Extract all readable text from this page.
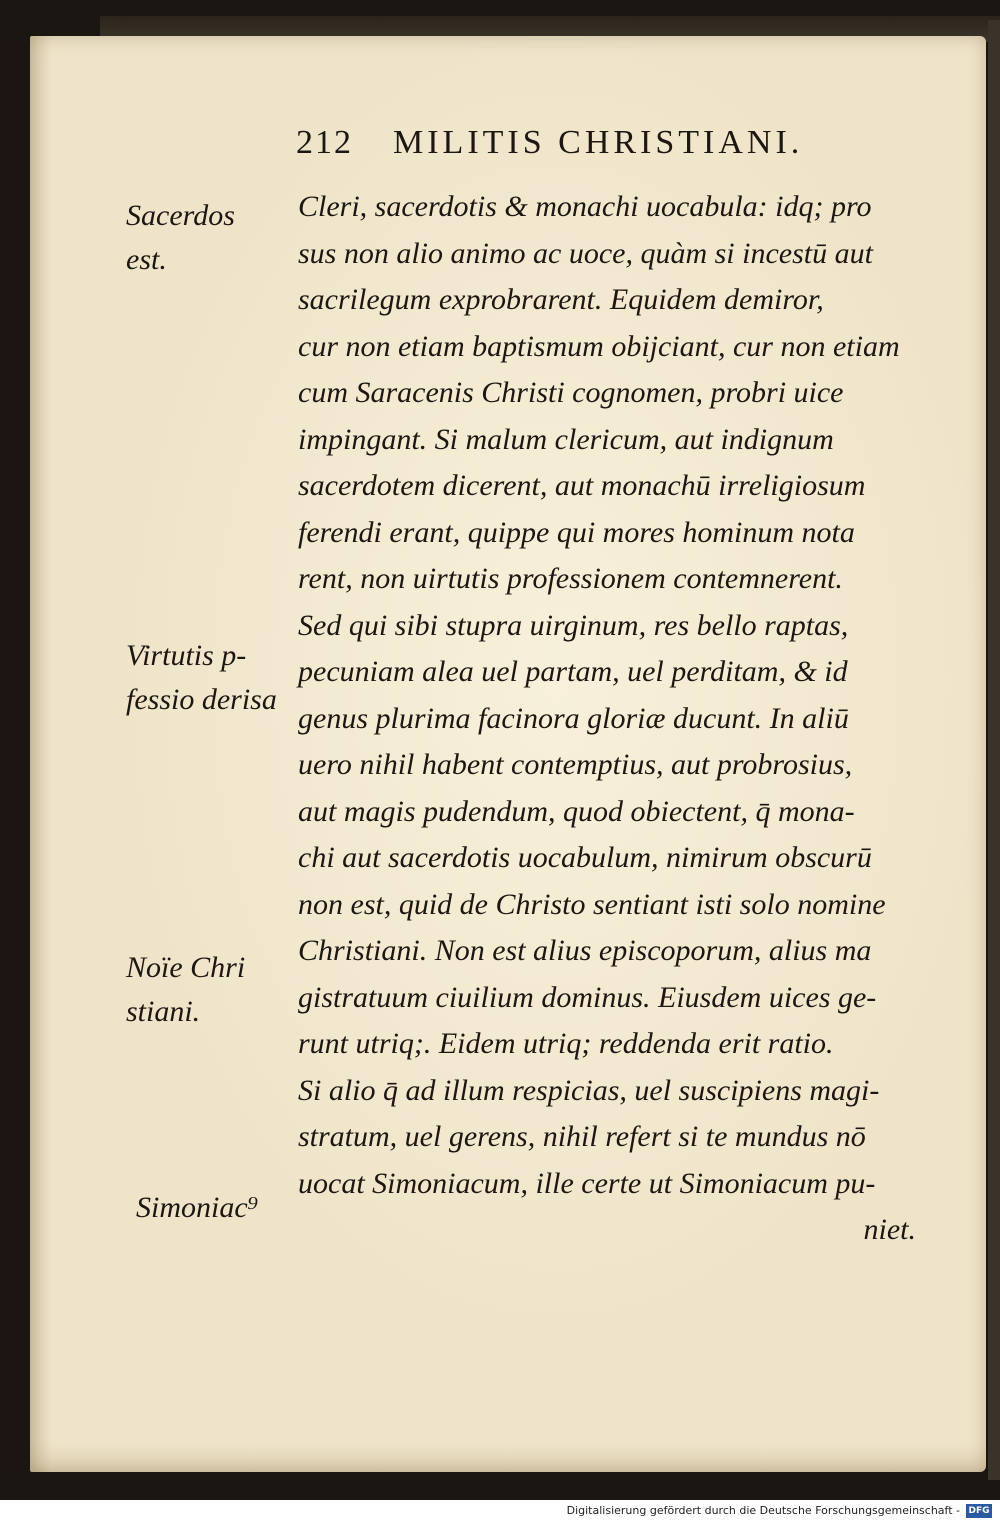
212 MILITIS CHRISTIANI.
Cleri, sacerdotis & monachi uocabula: idq; pro
sus non alio animo ac uoce, quàm si incestū aut
sacrilegum exprobrarent. Equidem demiror,
cur non etiam baptismum obijciant, cur non etiam
cum Saracenis Christi cognomen, probri uice
impingant. Si malum clericum, aut indignum
sacerdotem dicerent, aut monachū irreligiosum
ferendi erant, quippe qui mores hominum nota
rent, non uirtutis professionem contemnerent.
Sed qui sibi stupra uirginum, res bello raptas,
pecuniam alea uel partam, uel perditam, & id
genus plurima facinora gloriæ ducunt. In aliū
uero nihil habent contemptius, aut probrosius,
aut magis pudendum, quod obiectent, q̄ mona-
chi aut sacerdotis uocabulum, nimirum obscurū
non est, quid de Christo sentiant isti solo nomine
Christiani. Non est alius episcoporum, alius ma
gistratuum ciuilium dominus. Eiusdem uices ge-
runt utriq;. Eidem utriq; reddenda erit ratio.
Si alio q̄ ad illum respicias, uel suscipiens magi-
stratum, uel gerens, nihil refert si te mundus nō
uocat Simoniacum, ille certe ut Simoniacum pu-
niet.
Sacerdos
est.
Virtutis p-
fessio derisa
Noïe Chri
stiani.
Simoniac⁹
Digitalisierung gefördert durch die Deutsche Forschungsgemeinschaft - DFG
